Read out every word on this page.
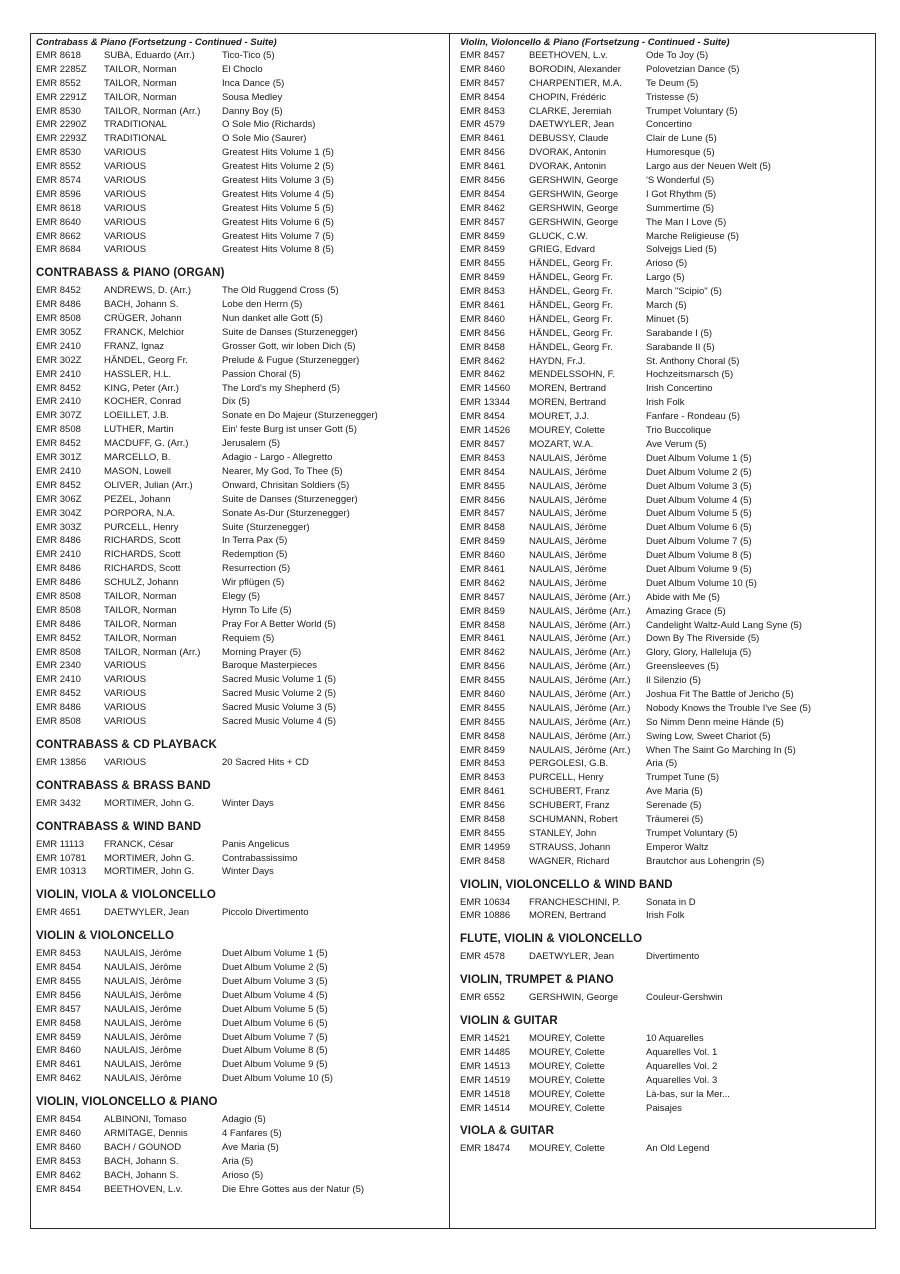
Contrabass & Piano (Fortsetzung - Continued - Suite)
EMR 8618 SUBA, Eduardo (Arr.)	Tico-Tico (5)
EMR 2285Z TAILOR, Norman	El Choclo
EMR 8552 TAILOR, Norman	Inca Dance (5)
EMR 2291Z TAILOR, Norman	Sousa Medley
EMR 8530 TAILOR, Norman (Arr.) Danny Boy (5)
EMR 2290Z TRADITIONAL	O Sole Mio (Richards)
EMR 2293Z TRADITIONAL	O Sole Mio (Saurer)
EMR 8530 VARIOUS	Greatest Hits Volume 1 (5)
EMR 8552 VARIOUS	Greatest Hits Volume 2 (5)
EMR 8574 VARIOUS	Greatest Hits Volume 3 (5)
EMR 8596 VARIOUS	Greatest Hits Volume 4 (5)
EMR 8618 VARIOUS	Greatest Hits Volume 5 (5)
EMR 8640 VARIOUS	Greatest Hits Volume 6 (5)
EMR 8662 VARIOUS	Greatest Hits Volume 7 (5)
EMR 8684 VARIOUS	Greatest Hits Volume 8 (5)
CONTRABASS & PIANO (ORGAN)
EMR 8452 ANDREWS, D. (Arr.)	The Old Ruggend Cross (5)
EMR 8486 BACH, Johann S.	Lobe den Herrn (5)
EMR 8508 CRÜGER, Johann	Nun danket alle Gott (5)
EMR 305Z FRANCK, Melchior	Suite de Danses (Sturzenegger)
EMR 2410 FRANZ, Ignaz	Grosser Gott, wir loben Dich (5)
EMR 302Z HÄNDEL, Georg Fr.	Prelude & Fugue (Sturzenegger)
EMR 2410 HASSLER, H.L.	Passion Choral (5)
EMR 8452 KING, Peter (Arr.)	The Lord's my Shepherd (5)
EMR 2410 KOCHER, Conrad	Dix (5)
EMR 307Z LOEILLET, J.B.	Sonate en Do Majeur (Sturzenegger)
EMR 8508 LUTHER, Martin	Ein' feste Burg ist unser Gott (5)
EMR 8452 MACDUFF, G. (Arr.)	Jerusalem (5)
EMR 301Z MARCELLO, B.	Adagio - Largo - Allegretto
EMR 2410 MASON, Lowell	Nearer, My God, To Thee (5)
EMR 8452 OLIVER, Julian (Arr.)	Onward, Chrisitan Soldiers (5)
EMR 306Z PEZEL, Johann	Suite de Danses (Sturzenegger)
EMR 304Z PORPORA, N.A.	Sonate As-Dur (Sturzenegger)
EMR 303Z PURCELL, Henry	Suite (Sturzenegger)
EMR 8486 RICHARDS, Scott	In Terra Pax (5)
EMR 2410 RICHARDS, Scott	Redemption (5)
EMR 8486 RICHARDS, Scott	Resurrection (5)
EMR 8486 SCHULZ, Johann	Wir pflügen (5)
EMR 8508 TAILOR, Norman	Elegy (5)
EMR 8508 TAILOR, Norman	Hymn To Life (5)
EMR 8486 TAILOR, Norman	Pray For A Better World (5)
EMR 8452 TAILOR, Norman	Requiem (5)
EMR 8508 TAILOR, Norman (Arr.) Morning Prayer (5)
EMR 2340 VARIOUS	Baroque Masterpieces
EMR 2410 VARIOUS	Sacred Music Volume 1 (5)
EMR 8452 VARIOUS	Sacred Music Volume 2 (5)
EMR 8486 VARIOUS	Sacred Music Volume 3 (5)
EMR 8508 VARIOUS	Sacred Music Volume 4 (5)
CONTRABASS & CD PLAYBACK
EMR 13856 VARIOUS	20 Sacred Hits + CD
CONTRABASS & BRASS BAND
EMR 3432 MORTIMER, John G.	Winter Days
CONTRABASS & WIND BAND
EMR 11113 FRANCK, César	Panis Angelicus
EMR 10781 MORTIMER, John G.	Contrabassissimo
EMR 10313 MORTIMER, John G.	Winter Days
VIOLIN, VIOLA & VIOLONCELLO
EMR 4651 DAETWYLER, Jean	Piccolo Divertimento
VIOLIN & VIOLONCELLO
EMR 8453 NAULAIS, Jérôme	Duet Album Volume 1 (5)
EMR 8454 NAULAIS, Jérôme	Duet Album Volume 2 (5)
EMR 8455 NAULAIS, Jérôme	Duet Album Volume 3 (5)
EMR 8456 NAULAIS, Jérôme	Duet Album Volume 4 (5)
EMR 8457 NAULAIS, Jérôme	Duet Album Volume 5 (5)
EMR 8458 NAULAIS, Jérôme	Duet Album Volume 6 (5)
EMR 8459 NAULAIS, Jérôme	Duet Album Volume 7 (5)
EMR 8460 NAULAIS, Jérôme	Duet Album Volume 8 (5)
EMR 8461 NAULAIS, Jérôme	Duet Album Volume 9 (5)
EMR 8462 NAULAIS, Jérôme	Duet Album Volume 10 (5)
VIOLIN, VIOLONCELLO & PIANO
EMR 8454 ALBINONI, Tomaso	Adagio (5)
EMR 8460 ARMITAGE, Dennis	4 Fanfares (5)
EMR 8460 BACH / GOUNOD	Ave Maria (5)
EMR 8453 BACH, Johann S.	Aria (5)
EMR 8462 BACH, Johann S.	Arioso (5)
EMR 8454 BEETHOVEN, L.v.	Die Ehre Gottes aus der Natur (5)
Violin, Violoncello & Piano (Fortsetzung - Continued - Suite)
EMR 8457	BEETHOVEN, L.v.	Ode To Joy (5)
EMR 8460	BORODIN, Alexander	Polovetzian Dance (5)
EMR 8457	CHARPENTIER, M.A.	Te Deum (5)
EMR 8454	CHOPIN, Frédéric	Tristesse (5)
EMR 8453	CLARKE, Jeremiah	Trumpet Voluntary (5)
EMR 4579	DAETWYLER, Jean	Concertino
EMR 8461	DEBUSSY, Claude	Clair de Lune (5)
EMR 8456	DVORAK, Antonin	Humoresque (5)
EMR 8461	DVORAK, Antonin	Largo aus der Neuen Welt (5)
EMR 8456	GERSHWIN, George	'S Wonderful (5)
EMR 8454	GERSHWIN, George	I Got Rhythm (5)
EMR 8462	GERSHWIN, George	Summertime (5)
EMR 8457	GERSHWIN, George	The Man I Love (5)
EMR 8459	GLUCK, C.W.	Marche Religieuse (5)
EMR 8459	GRIEG, Edvard	Solvejgs Lied (5)
EMR 8455	HÄNDEL, Georg Fr.	Arioso (5)
EMR 8459	HÄNDEL, Georg Fr.	Largo (5)
EMR 8453	HÄNDEL, Georg Fr.	March "Scipio" (5)
EMR 8461	HÄNDEL, Georg Fr.	March (5)
EMR 8460	HÄNDEL, Georg Fr.	Minuet (5)
EMR 8456	HÄNDEL, Georg Fr.	Sarabande I (5)
EMR 8458	HÄNDEL, Georg Fr.	Sarabande II (5)
EMR 8462	HAYDN, Fr.J.	St. Anthony Choral (5)
EMR 8462	MENDELSSOHN, F.	Hochzeitsmarsch (5)
EMR 14560 MOREN, Bertrand	Irish Concertino
EMR 13344 MOREN, Bertrand	Irish Folk
EMR 8454	MOURET, J.J.	Fanfare - Rondeau (5)
EMR 14526 MOUREY, Colette	Trio Buccolique
EMR 8457	MOZART, W.A.	Ave Verum (5)
EMR 8453	NAULAIS, Jérôme	Duet Album Volume 1 (5)
EMR 8454	NAULAIS, Jérôme	Duet Album Volume 2 (5)
EMR 8455	NAULAIS, Jérôme	Duet Album Volume 3 (5)
EMR 8456	NAULAIS, Jérôme	Duet Album Volume 4 (5)
EMR 8457	NAULAIS, Jérôme	Duet Album Volume 5 (5)
EMR 8458	NAULAIS, Jérôme	Duet Album Volume 6 (5)
EMR 8459	NAULAIS, Jérôme	Duet Album Volume 7 (5)
EMR 8460	NAULAIS, Jérôme	Duet Album Volume 8 (5)
EMR 8461	NAULAIS, Jérôme	Duet Album Volume 9 (5)
EMR 8462	NAULAIS, Jérôme	Duet Album Volume 10 (5)
EMR 8457	NAULAIS, Jérôme (Arr.) Abide with Me (5)
EMR 8459	NAULAIS, Jérôme (Arr.) Amazing Grace (5)
EMR 8458	NAULAIS, Jérôme (Arr.) Candelight Waltz-Auld Lang Syne (5)
EMR 8461	NAULAIS, Jérôme (Arr.) Down By The Riverside (5)
EMR 8462	NAULAIS, Jérôme (Arr.) Glory, Glory, Halleluja (5)
EMR 8456	NAULAIS, Jérôme (Arr.) Greensleeves (5)
EMR 8455	NAULAIS, Jérôme (Arr.) Il Silenzio (5)
EMR 8460	NAULAIS, Jérôme (Arr.) Joshua Fit The Battle of Jericho (5)
EMR 8455	NAULAIS, Jérôme (Arr.) Nobody Knows the Trouble I've See (5)
EMR 8455	NAULAIS, Jérôme (Arr.) So Nimm Denn meine Hände (5)
EMR 8458	NAULAIS, Jérôme (Arr.) Swing Low, Sweet Chariot (5)
EMR 8459	NAULAIS, Jérôme (Arr.) When The Saint Go Marching In (5)
EMR 8453	PERGOLESI, G.B.	Aria (5)
EMR 8453	PURCELL, Henry	Trumpet Tune (5)
EMR 8461	SCHUBERT, Franz	Ave Maria (5)
EMR 8456	SCHUBERT, Franz	Serenade (5)
EMR 8458	SCHUMANN, Robert	Träumerei (5)
EMR 8455	STANLEY, John	Trumpet Voluntary (5)
EMR 14959 STRAUSS, Johann	Emperor Waltz
EMR 8458	WAGNER, Richard	Brautchor aus Lohengrin (5)
VIOLIN, VIOLONCELLO & WIND BAND
EMR 10634 FRANCHESCHINI, P.	Sonata in D
EMR 10886 MOREN, Bertrand	Irish Folk
FLUTE, VIOLIN & VIOLONCELLO
EMR 4578	DAETWYLER, Jean	Divertimento
VIOLIN, TRUMPET & PIANO
EMR 6552	GERSHWIN, George	Couleur-Gershwin
VIOLIN & GUITAR
EMR 14521 MOUREY, Colette	10 Aquarelles
EMR 14485 MOUREY, Colette	Aquarelles Vol. 1
EMR 14513 MOUREY, Colette	Aquarelles Vol. 2
EMR 14519 MOUREY, Colette	Aquarelles Vol. 3
EMR 14518 MOUREY, Colette	Là-bas, sur la Mer...
EMR 14514 MOUREY, Colette	Paisajes
VIOLA & GUITAR
EMR 18474 MOUREY, Colette	An Old Legend
